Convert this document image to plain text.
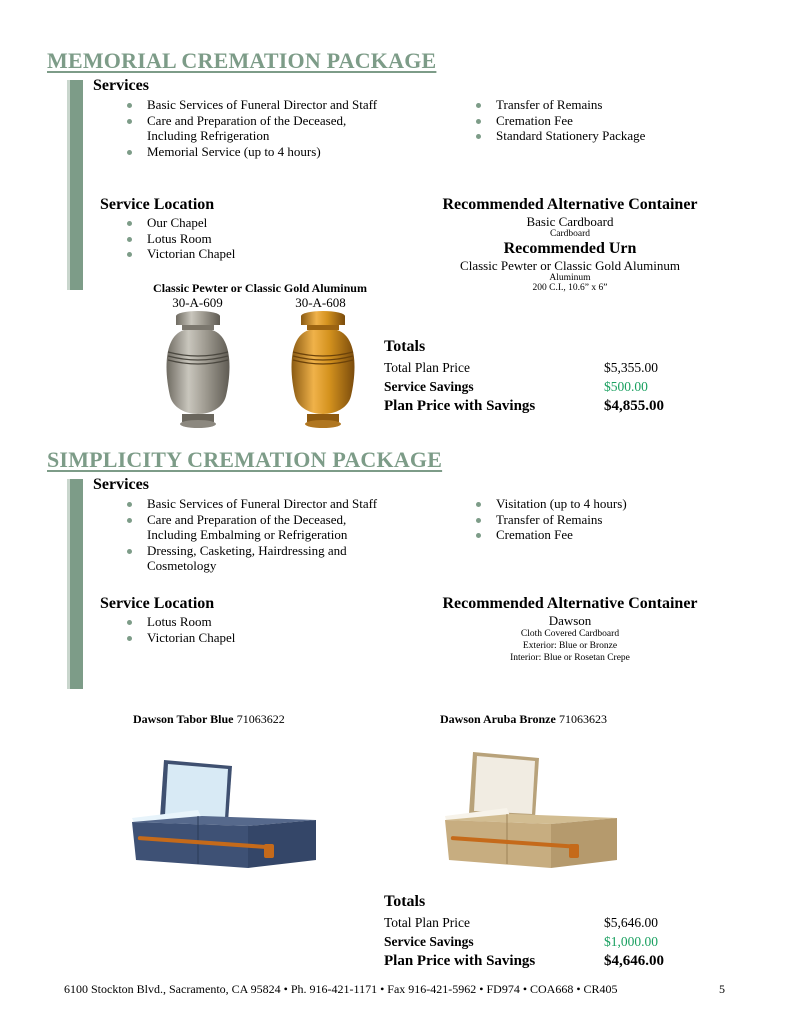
MEMORIAL CREMATION PACKAGE
Services
Basic Services of Funeral Director and Staff
Care and Preparation of the Deceased,
Including Refrigeration
Memorial Service (up to 4 hours)
Transfer of Remains
Cremation Fee
Standard Stationery Package
Service Location
Our Chapel
Lotus Room
Victorian Chapel
Recommended Alternative Container
Basic Cardboard
Cardboard
Recommended Urn
Classic Pewter or Classic Gold Aluminum
Aluminum
200 C.I., 10.6” x 6”
Classic Pewter or Classic Gold Aluminum
30-A-609	30-A-608
Totals
Total Plan Price	$5,355.00
Service Savings	$500.00
Plan Price with Savings	$4,855.00
SIMPLICITY CREMATION PACKAGE
Services
Basic Services of Funeral Director and Staff
Care and Preparation of the Deceased,
Including Embalming or Refrigeration
Dressing, Casketing, Hairdressing and
Cosmetology
Visitation (up to 4 hours)
Transfer of Remains
Cremation Fee
Service Location
Lotus Room
Victorian Chapel
Recommended Alternative Container
Dawson
Cloth Covered Cardboard
Exterior: Blue or Bronze
Interior: Blue or Rosetan Crepe
Dawson Tabor Blue 71063622	Dawson Aruba Bronze 71063623
Totals
Total Plan Price	$5,646.00
Service Savings	$1,000.00
Plan Price with Savings	$4,646.00
6100 Stockton Blvd., Sacramento, CA 95824 • Ph. 916-421-1171 • Fax 916-421-5962 • FD974 • COA668 • CR405	5
